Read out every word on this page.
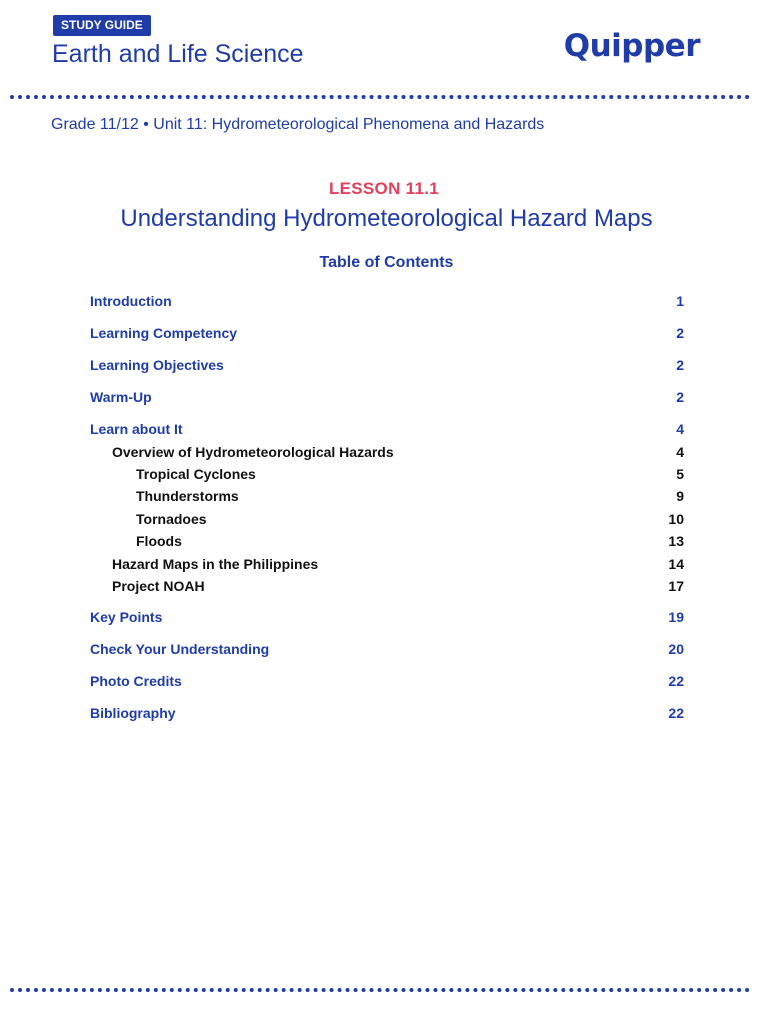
STUDY GUIDE
Earth and Life Science	Quipper
Grade 11/12 • Unit 11: Hydrometeorological Phenomena and Hazards
LESSON 11.1
Understanding Hydrometeorological Hazard Maps
Table of Contents
Introduction	1
Learning Competency	2
Learning Objectives	2
Warm-Up	2
Learn about It	4
Overview of Hydrometeorological Hazards	4
Tropical Cyclones	5
Thunderstorms	9
Tornadoes	10
Floods	13
Hazard Maps in the Philippines	14
Project NOAH	17
Key Points	19
Check Your Understanding	20
Photo Credits	22
Bibliography	22
